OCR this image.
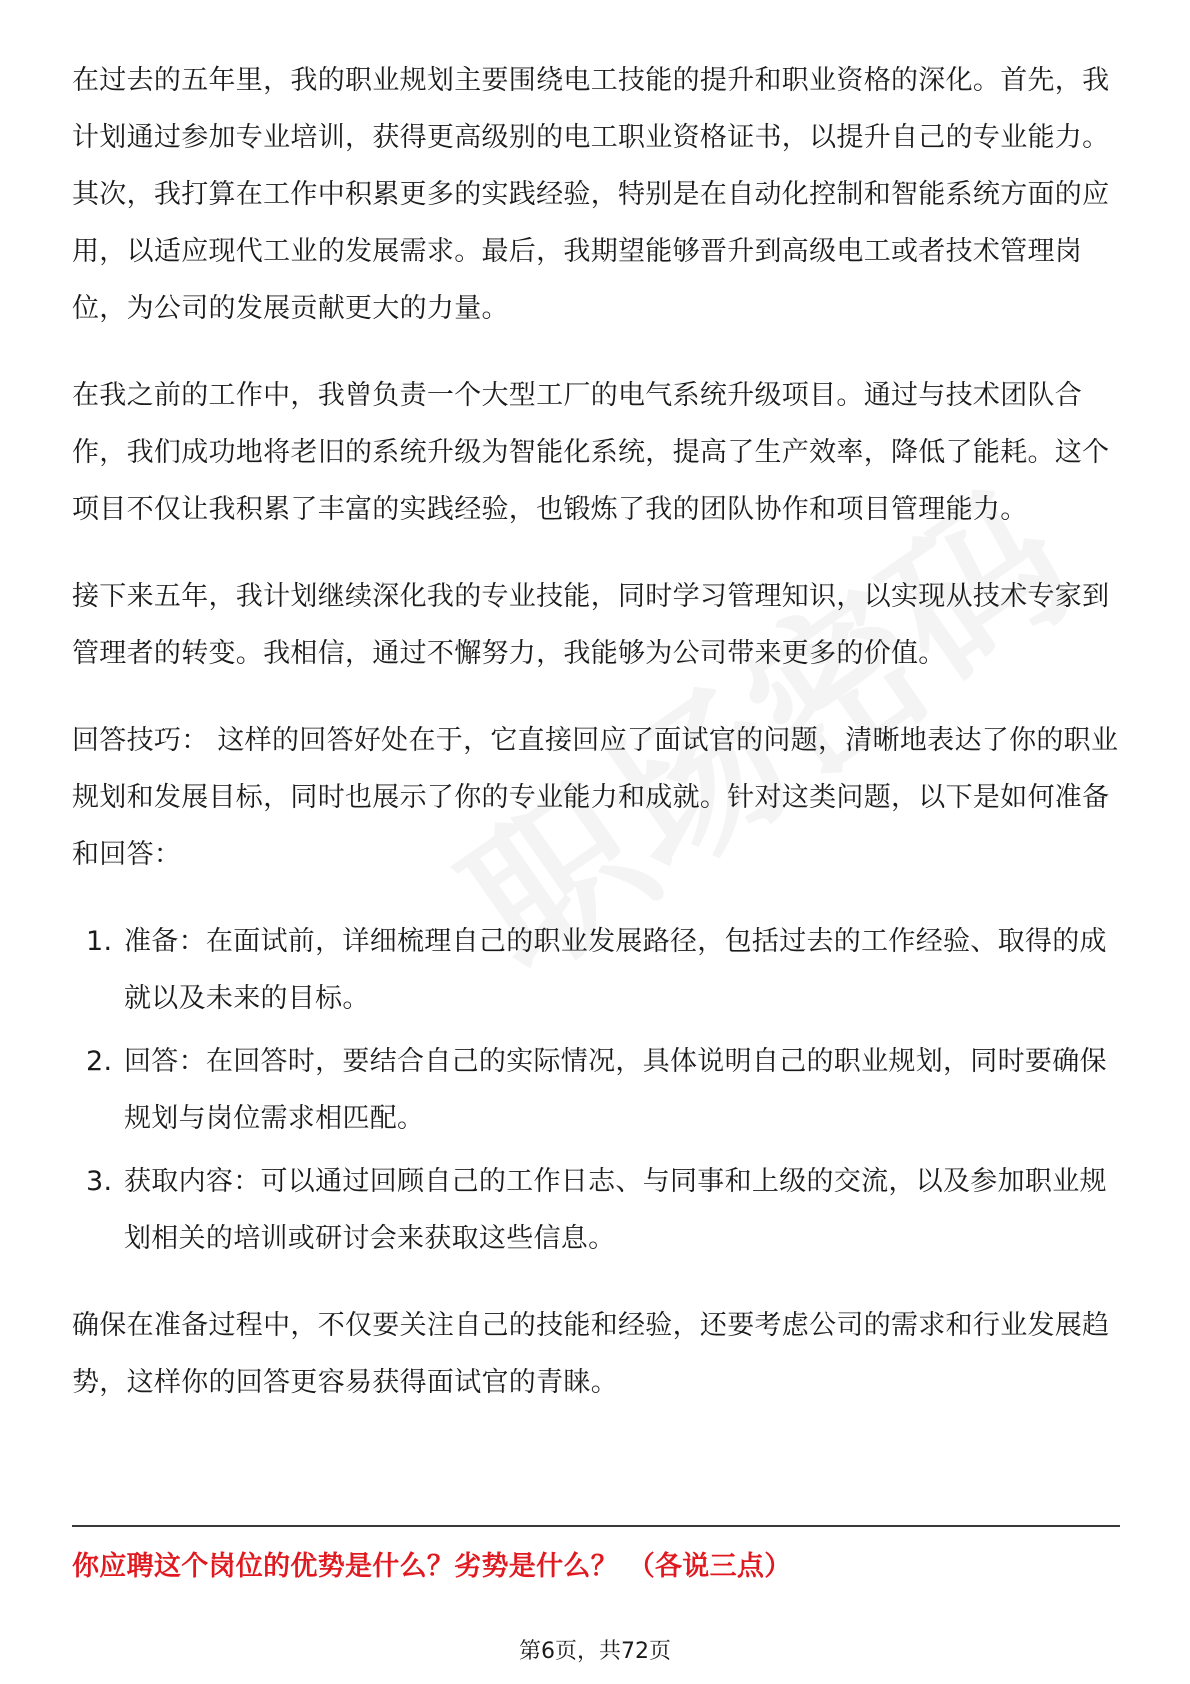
在过去的五年里，我的职业规划主要围绕电工技能的提升和职业资格的深化。首先，我计划通过参加专业培训，获得更高级别的电工职业资格证书，以提升自己的专业能力。其次，我打算在工作中积累更多的实践经验，特别是在自动化控制和智能系统方面的应用，以适应现代工业的发展需求。最后，我期望能够晋升到高级电工或者技术管理岗位，为公司的发展贡献更大的力量。

在我之前的工作中，我曾负责一个大型工厂的电气系统升级项目。通过与技术团队合作，我们成功地将老旧的系统升级为智能化系统，提高了生产效率，降低了能耗。这个项目不仅让我积累了丰富的实践经验，也锻炼了我的团队协作和项目管理能力。

接下来五年，我计划继续深化我的专业技能，同时学习管理知识，以实现从技术专家到管理者的转变。我相信，通过不懈努力，我能够为公司带来更多的价值。

回答技巧： 这样的回答好处在于，它直接回应了面试官的问题，清晰地表达了你的职业规划和发展目标，同时也展示了你的专业能力和成就。针对这类问题，以下是如何准备和回答：

1. 准备：在面试前，详细梳理自己的职业发展路径，包括过去的工作经验、取得的成就以及未来的目标。
2. 回答：在回答时，要结合自己的实际情况，具体说明自己的职业规划，同时要确保规划与岗位需求相匹配。
3. 获取内容：可以通过回顾自己的工作日志、与同事和上级的交流，以及参加职业规划相关的培训或研讨会来获取这些信息。

确保在准备过程中，不仅要关注自己的技能和经验，还要考虑公司的需求和行业发展趋势，这样你的回答更容易获得面试官的青睐。

你应聘这个岗位的优势是什么？劣势是什么？ （各说三点）
第6页，共72页
